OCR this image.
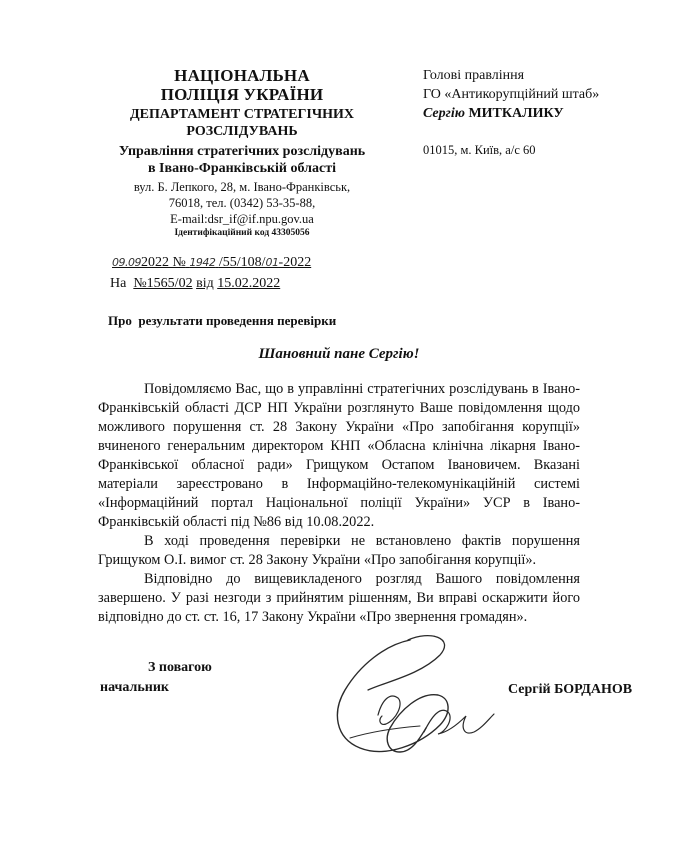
НАЦІОНАЛЬНА
ПОЛІЦІЯ УКРАЇНИ
ДЕПАРТАМЕНТ СТРАТЕГІЧНИХ
РОЗСЛІДУВАНЬ
Управління стратегічних розслідувань
в Івано-Франківській області
вул. Б. Лепкого, 28, м. Івано-Франківськ,
76018, тел. (0342) 53-35-88,
E-mail:dsr_if@if.npu.gov.ua
Ідентифікаційний код 43305056
09.092022 № 1942 /55/108/01-2022
На №1565/02 від 15.02.2022
Голові правління
ГО «Антикорупційний штаб»
Сергію МИТКАЛИКУ
01015, м. Київ, а/с 60
Про результати проведення перевірки
Шановний пане Сергію!
Повідомляємо Вас, що в управлінні стратегічних розслідувань в Івано-Франківській області ДСР НП України розглянуто Ваше повідомлення щодо можливого порушення ст. 28 Закону України «Про запобігання корупції» вчиненого генеральним директором КНП «Обласна клінічна лікарня Івано-Франківської обласної ради» Грищуком Остапом Івановичем. Вказані матеріали зареєстровано в Інформаційно-телекомунікаційній системі «Інформаційний портал Національної поліції України» УСР в Івано-Франківській області під №86 від 10.08.2022.
В ході проведення перевірки не встановлено фактів порушення Грищуком О.І. вимог ст. 28 Закону України «Про запобігання корупції».
Відповідно до вищевикладеного розгляд Вашого повідомлення завершено. У разі незгоди з прийнятим рішенням, Ви вправі оскаржити його відповідно до ст. ст. 16, 17 Закону України «Про звернення громадян».
З повагою
начальник	Сергій БОРДАНОВ
